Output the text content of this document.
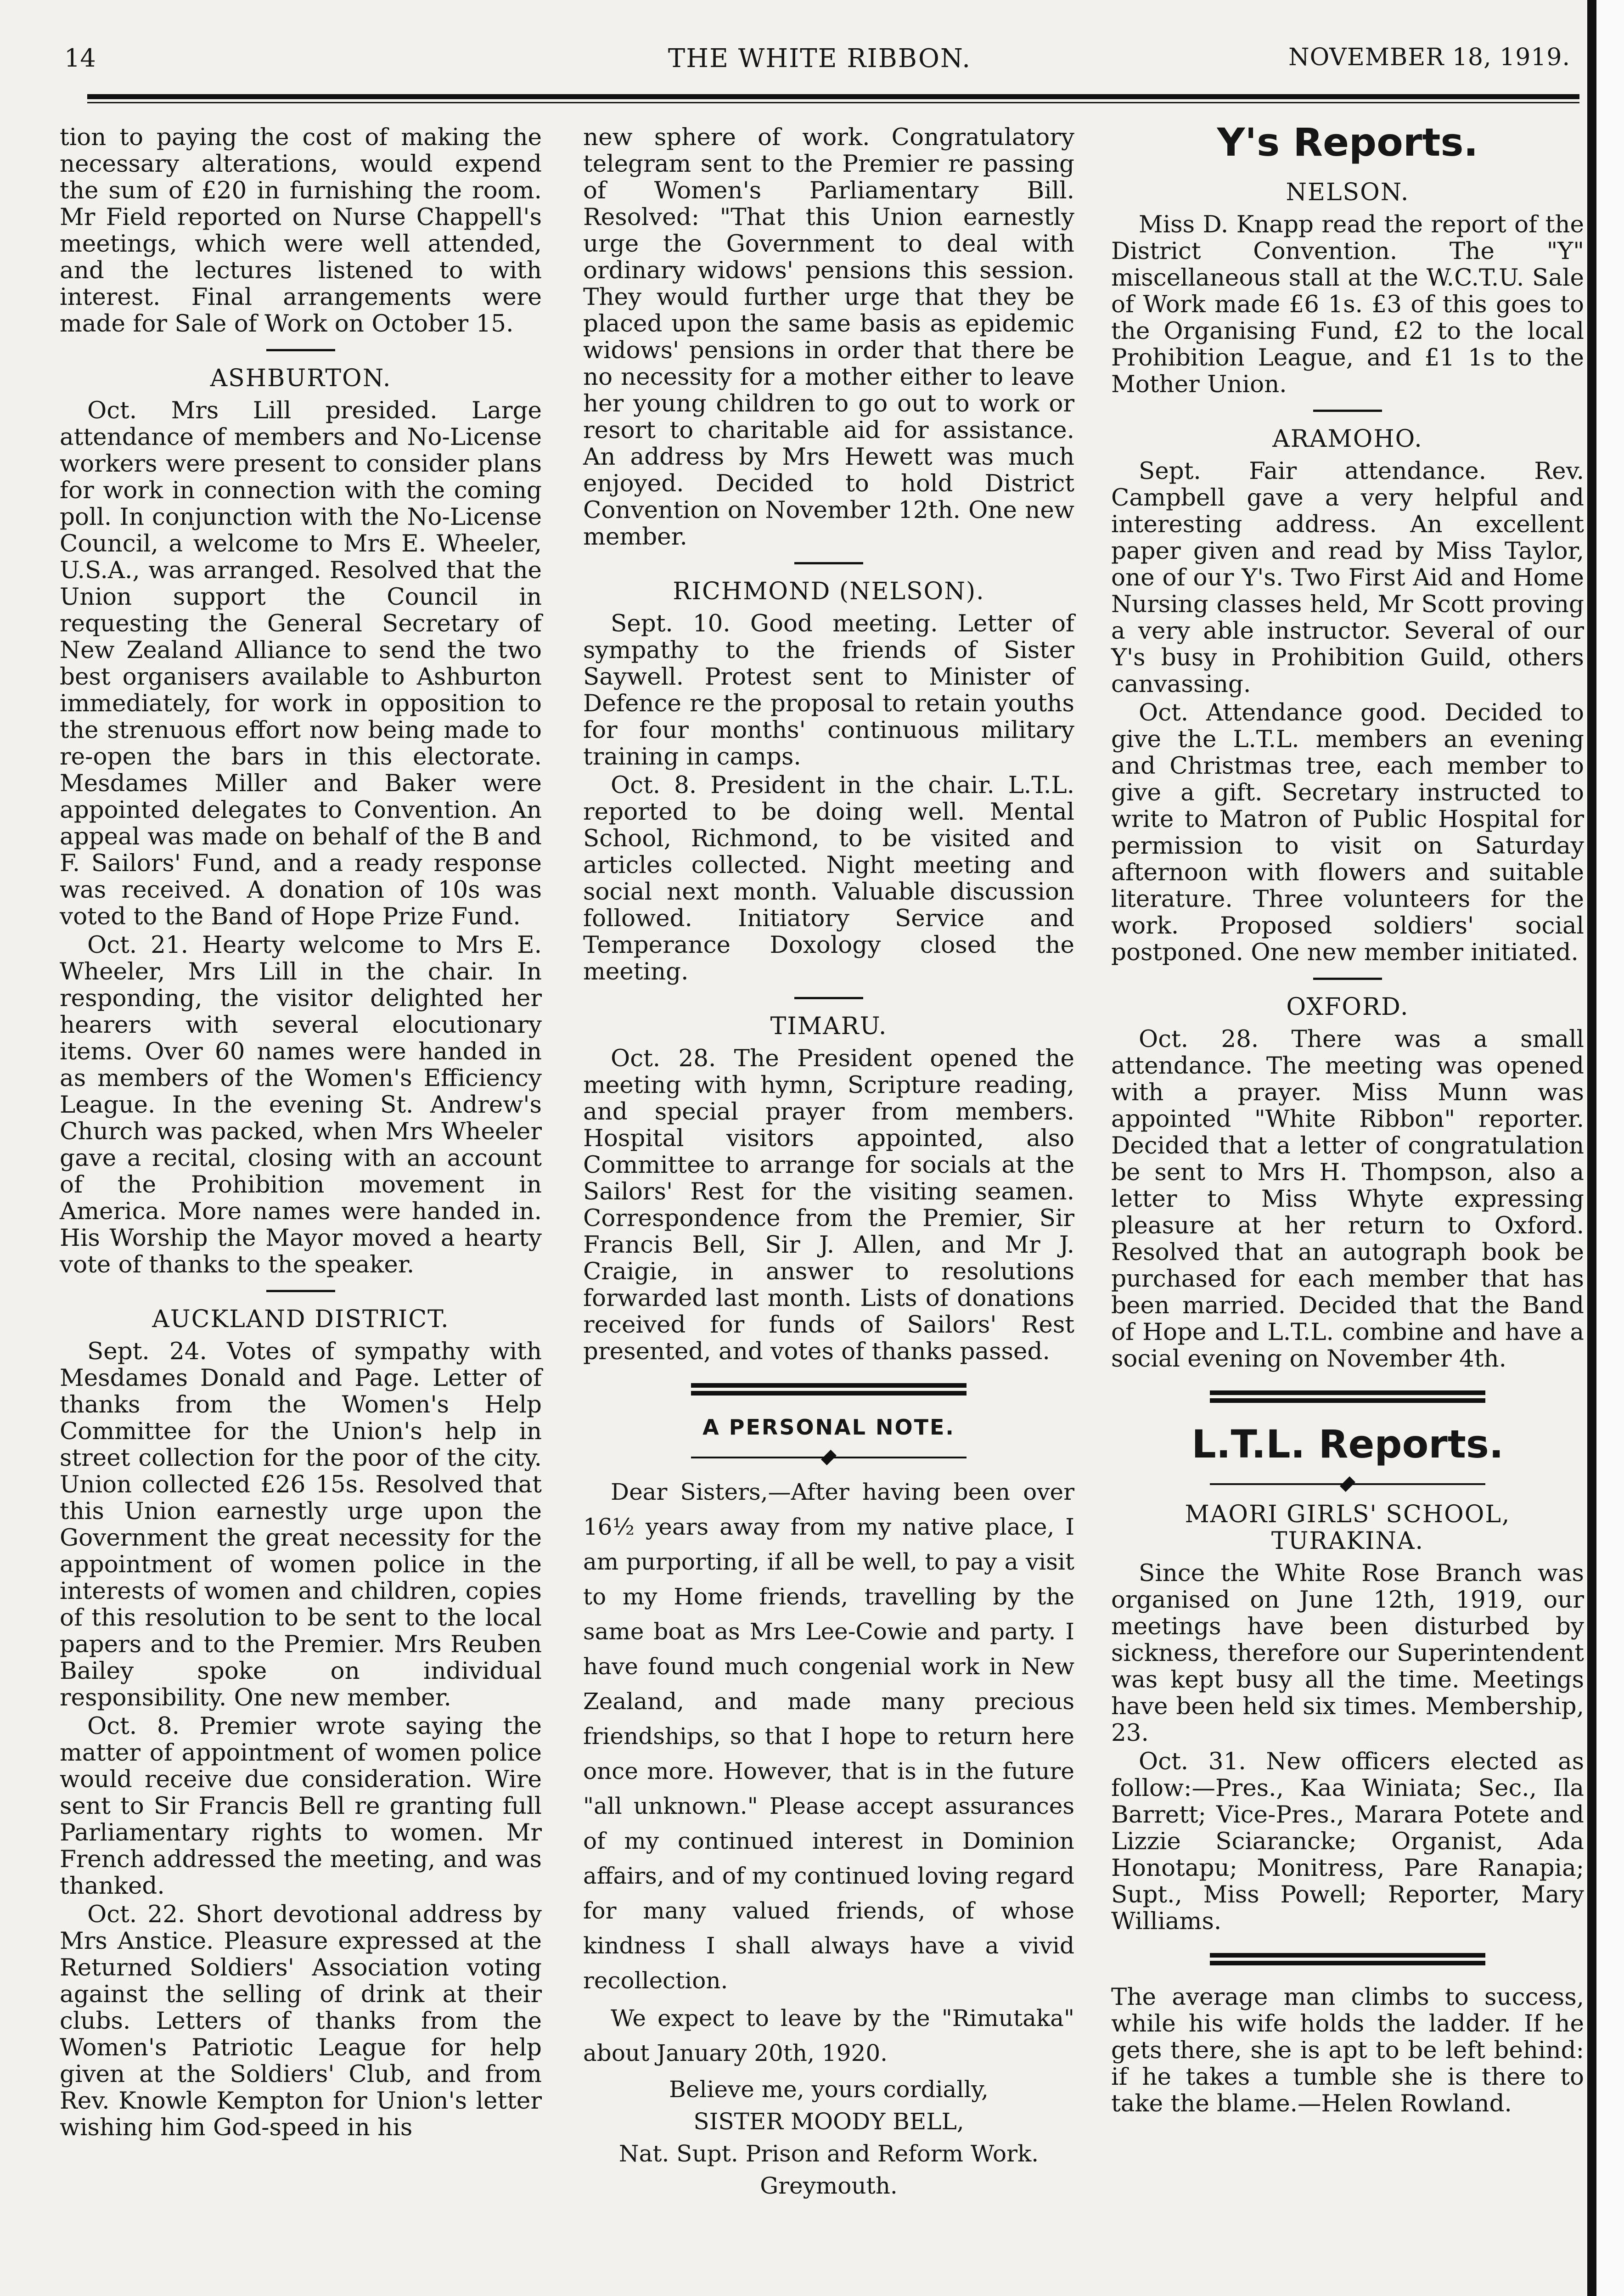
THE WHITE RIBBON.
14	NOVEMBER 18, 1919.

tion to paying the cost of making the necessary alterations, would expend the sum of £20 in furnishing the room. Mr Field reported on Nurse Chappell's meetings, which were well attended, and the lectures listened to with interest. Final arrangements were made for Sale of Work on October 15.

ASHBURTON.

Oct. Mrs Lill presided. Large attendance of members and No-License workers were present to consider plans for work in connection with the coming poll. In conjunction with the No-License Council, a welcome to Mrs E. Wheeler, U.S.A., was arranged. Resolved that the Union support the Council in requesting the General Secretary of New Zealand Alliance to send the two best organisers available to Ashburton immediately, for work in opposition to the strenuous effort now being made to re-open the bars in this electorate. Mesdames Miller and Baker were appointed delegates to Convention. An appeal was made on behalf of the B and F. Sailors' Fund, and a ready response was received. A donation of 10s was voted to the Band of Hope Prize Fund.

Oct. 21. Hearty welcome to Mrs E. Wheeler, Mrs Lill in the chair. In responding, the visitor delighted her hearers with several elocutionary items. Over 60 names were handed in as members of the Women's Efficiency League. In the evening St. Andrew's Church was packed, when Mrs Wheeler gave a recital, closing with an account of the Prohibition movement in America. More names were handed in. His Worship the Mayor moved a hearty vote of thanks to the speaker.

AUCKLAND DISTRICT.

Sept. 24. Votes of sympathy with Mesdames Donald and Page. Letter of thanks from the Women's Help Committee for the Union's help in street collection for the poor of the city. Union collected £26 15s. Resolved that this Union earnestly urge upon the Government the great necessity for the appointment of women police in the interests of women and children, copies of this resolution to be sent to the local papers and to the Premier. Mrs Reuben Bailey spoke on individual responsibility. One new member.

Oct. 8. Premier wrote saying the matter of appointment of women police would receive due consideration. Wire sent to Sir Francis Bell re granting full Parliamentary rights to women. Mr French addressed the meeting, and was thanked.

Oct. 22. Short devotional address by Mrs Anstice. Pleasure expressed at the Returned Soldiers' Association voting against the selling of drink at their clubs. Letters of thanks from the Women's Patriotic League for help given at the Soldiers' Club, and from Rev. Knowle Kempton for Union's letter wishing him God-speed in his

new sphere of work. Congratulatory telegram sent to the Premier re passing of Women's Parliamentary Bill. Resolved: "That this Union earnestly urge the Government to deal with ordinary widows' pensions this session. They would further urge that they be placed upon the same basis as epidemic widows' pensions in order that there be no necessity for a mother either to leave her young children to go out to work or resort to charitable aid for assistance. An address by Mrs Hewett was much enjoyed. Decided to hold District Convention on November 12th. One new member.

RICHMOND (NELSON).

Sept. 10. Good meeting. Letter of sympathy to the friends of Sister Saywell. Protest sent to Minister of Defence re the proposal to retain youths for four months' continuous military training in camps.

Oct. 8. President in the chair. L.T.L. reported to be doing well. Mental School, Richmond, to be visited and articles collected. Night meeting and social next month. Valuable discussion followed. Initiatory Service and Temperance Doxology closed the meeting.

TIMARU.

Oct. 28. The President opened the meeting with hymn, Scripture reading, and special prayer from members. Hospital visitors appointed, also Committee to arrange for socials at the Sailors' Rest for the visiting seamen. Correspondence from the Premier, Sir Francis Bell, Sir J. Allen, and Mr J. Craigie, in answer to resolutions forwarded last month. Lists of donations received for funds of Sailors' Rest presented, and votes of thanks passed.

A PERSONAL NOTE.

Dear Sisters,—After having been over 16½ years away from my native place, I am purporting, if all be well, to pay a visit to my Home friends, travelling by the same boat as Mrs Lee-Cowie and party. I have found much congenial work in New Zealand, and made many precious friendships, so that I hope to return here once more. However, that is in the future "all unknown." Please accept assurances of my continued interest in Dominion affairs, and of my continued loving regard for many valued friends, of whose kindness I shall always have a vivid recollection.

We expect to leave by the "Rimutaka" about January 20th, 1920.

Believe me, yours cordially,
SISTER MOODY BELL,
Nat. Supt. Prison and Reform Work.
Greymouth.
Y's Reports.
NELSON.

Miss D. Knapp read the report of the District Convention. The "Y" miscellaneous stall at the W.C.T.U. Sale of Work made £6 1s. £3 of this goes to the Organising Fund, £2 to the local Prohibition League, and £1 1s to the Mother Union.

ARAMOHO.

Sept. Fair attendance. Rev. Campbell gave a very helpful and interesting address. An excellent paper given and read by Miss Taylor, one of our Y's. Two First Aid and Home Nursing classes held, Mr Scott proving a very able instructor. Several of our Y's busy in Prohibition Guild, others canvassing.

Oct. Attendance good. Decided to give the L.T.L. members an evening and Christmas tree, each member to give a gift. Secretary instructed to write to Matron of Public Hospital for permission to visit on Saturday afternoon with flowers and suitable literature. Three volunteers for the work. Proposed soldiers' social postponed. One new member initiated.

OXFORD.

Oct. 28. There was a small attendance. The meeting was opened with a prayer. Miss Munn was appointed "White Ribbon" reporter. Decided that a letter of congratulation be sent to Mrs H. Thompson, also a letter to Miss Whyte expressing pleasure at her return to Oxford. Resolved that an autograph book be purchased for each member that has been married. Decided that the Band of Hope and L.T.L. combine and have a social evening on November 4th.

L.T.L. Reports.
MAORI GIRLS' SCHOOL, TURAKINA.

Since the White Rose Branch was organised on June 12th, 1919, our meetings have been disturbed by sickness, therefore our Superintendent was kept busy all the time. Meetings have been held six times. Membership, 23.

Oct. 31. New officers elected as follow:—Pres., Kaa Winiata; Sec., Ila Barrett; Vice-Pres., Marara Potete and Lizzie Sciarancke; Organist, Ada Honotapu; Monitress, Pare Ranapia; Supt., Miss Powell; Reporter, Mary Williams.

The average man climbs to success, while his wife holds the ladder. If he gets there, she is apt to be left behind: if he takes a tumble she is there to take the blame.—Helen Rowland.
